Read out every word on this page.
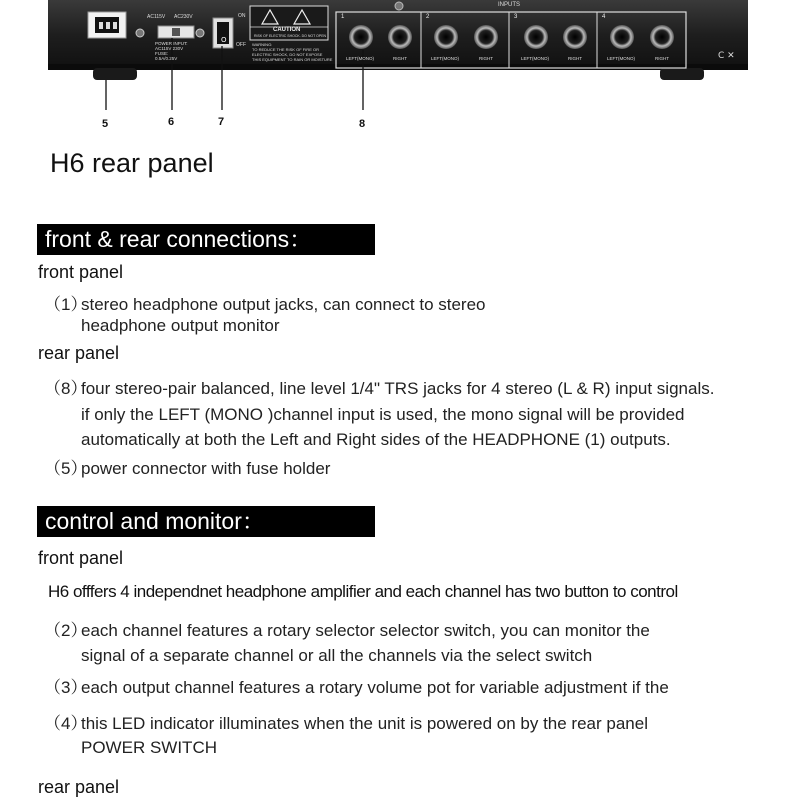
O
C ✕
AC115V AC230V
POWER INPUT:
AC115V 230V
FUSE:
0.5A/0.25V
ON
OFF
CAUTION
RISK OF ELECTRIC SHOCK. DO NOT OPEN
WARNING:
TO REDUCE THE RISK OF FIRE OR
ELECTRIC SHOCK, DO NOT EXPOSE
THIS EQUIPMENT TO RAIN OR MOISTURE
INPUTS
1	2	3	4
LEFT(MONO)	RIGHT	LEFT(MONO)	RIGHT	LEFT(MONO)	RIGHT	LEFT(MONO)	RIGHT
5	6	7	8
H6 rear panel
front & rear connections：
front panel
（1）
stereo headphone output jacks, can connect to stereo
headphone output monitor
rear panel
（8）
four stereo-pair balanced, line level 1/4" TRS jacks for 4 stereo (L & R) input signals.
if only the LEFT (MONO )channel input is used, the mono signal will be provided
automatically at both the Left and Right sides of the HEADPHONE (1) outputs.
（5）
power connector with fuse holder
control and monitor：
front panel
H6 offfers 4 independnet headphone amplifier and each channel has two button to control
（2）
each channel features a rotary selector selector switch, you can monitor the
signal of a separate channel or all the channels via the select switch
（3）
each output channel features a rotary volume pot for variable adjustment if the
（4）
this LED indicator illuminates when the unit is powered on by the rear panel
POWER SWITCH
rear panel
